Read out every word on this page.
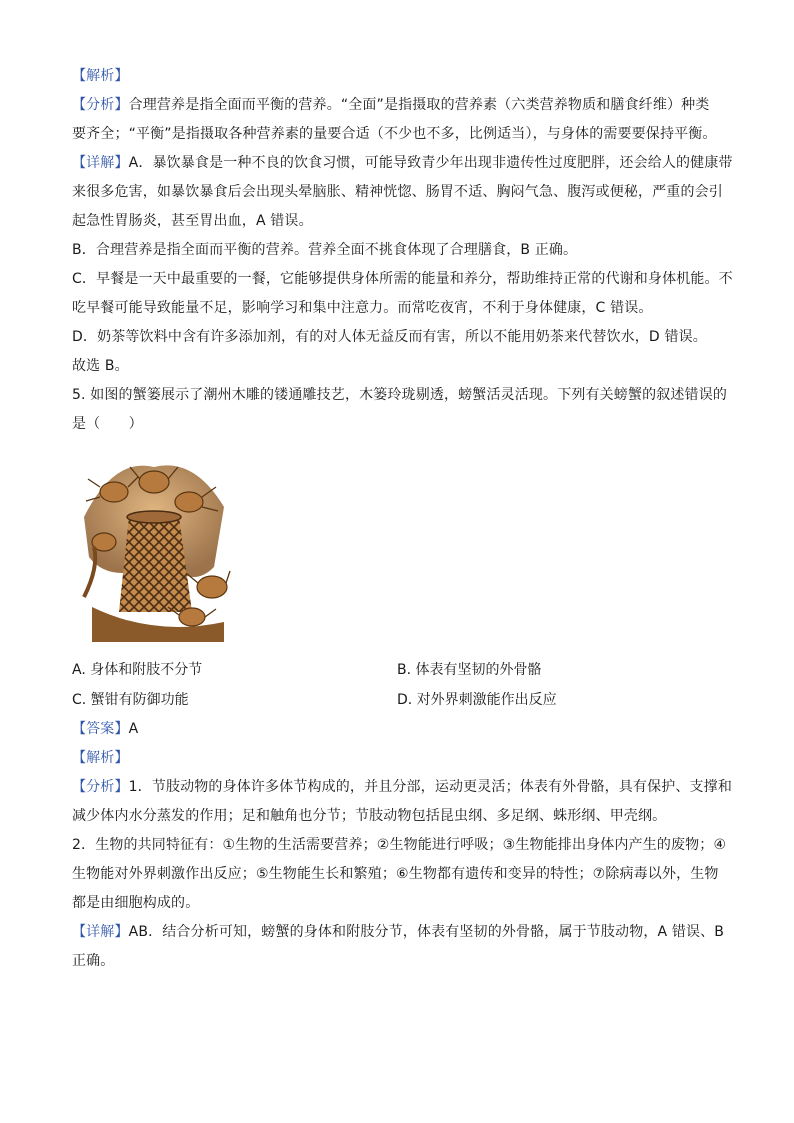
【解析】
【分析】合理营养是指全面而平衡的营养。“全面”是指摄取的营养素（六类营养物质和膳食纤维）种类
要齐全；“平衡”是指摄取各种营养素的量要合适（不少也不多，比例适当），与身体的需要要保持平衡。
【详解】A．暴饮暴食是一种不良的饮食习惯，可能导致青少年出现非遗传性过度肥胖，还会给人的健康带
来很多危害，如暴饮暴食后会出现头晕脑胀、精神恍惚、肠胃不适、胸闷气急、腹泻或便秘，严重的会引
起急性胃肠炎，甚至胃出血，A 错误。
B．合理营养是指全面而平衡的营养。营养全面不挑食体现了合理膳食，B 正确。
C．早餐是一天中最重要的一餐，它能够提供身体所需的能量和养分，帮助维持正常的代谢和身体机能。不
吃早餐可能导致能量不足，影响学习和集中注意力。而常吃夜宵，不利于身体健康，C 错误。
D．奶茶等饮料中含有许多添加剂，有的对人体无益反而有害，所以不能用奶茶来代替饮水，D 错误。
故选 B。
5. 如图的蟹篓展示了潮州木雕的镂通雕技艺，木篓玲珑剔透，螃蟹活灵活现。下列有关螃蟹的叙述错误的
是（　　）
A. 身体和附肢不分节	B. 体表有坚韧的外骨骼
C. 蟹钳有防御功能	D. 对外界刺激能作出反应
【答案】A
【解析】
【分析】1．节肢动物的身体许多体节构成的，并且分部，运动更灵活；体表有外骨骼，具有保护、支撑和
减少体内水分蒸发的作用；足和触角也分节；节肢动物包括昆虫纲、多足纲、蛛形纲、甲壳纲。
2．生物的共同特征有：①生物的生活需要营养；②生物能进行呼吸；③生物能排出身体内产生的废物；④
生物能对外界刺激作出反应；⑤生物能生长和繁殖；⑥生物都有遗传和变异的特性；⑦除病毒以外，生物
都是由细胞构成的。
【详解】AB．结合分析可知，螃蟹的身体和附肢分节，体表有坚韧的外骨骼，属于节肢动物，A 错误、B
正确。
